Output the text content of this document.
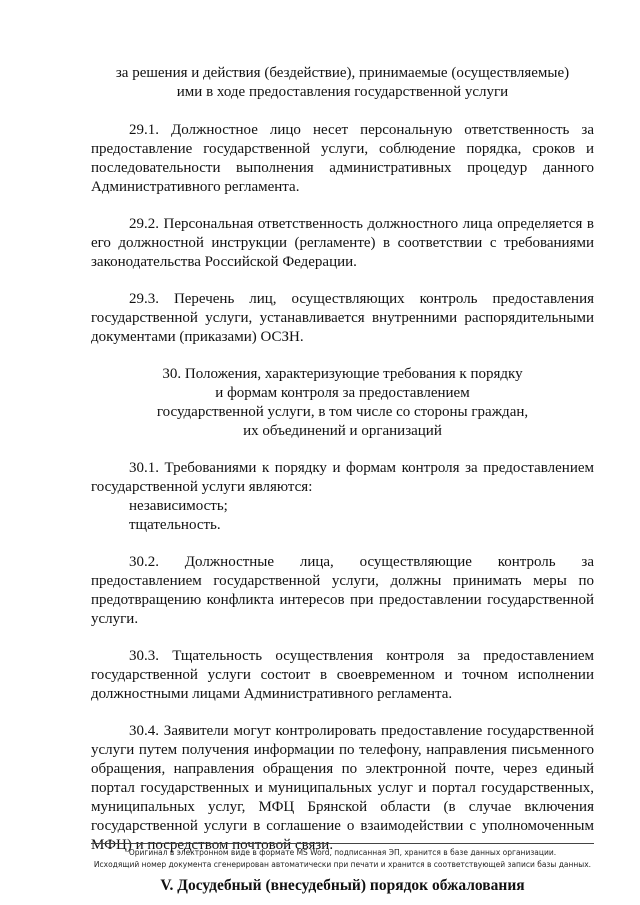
за решения и действия (бездействие), принимаемые (осуществляемые)

ими в ходе предоставления государственной услуги

29.1. Должностное лицо несет персональную ответственность за предоставление государственной услуги, соблюдение порядка, сроков и последовательности выполнения административных процедур данного Административного регламента.

29.2. Персональная ответственность должностного лица определяется в его должностной инструкции (регламенте) в соответствии с требованиями законодательства Российской Федерации.

29.3. Перечень лиц, осуществляющих контроль предоставления государственной услуги, устанавливается внутренними распорядительными документами (приказами) ОСЗН.

30. Положения, характеризующие требования к порядку

и формам контроля за предоставлением

государственной услуги, в том числе со стороны граждан,

их объединений и организаций

30.1. Требованиями к порядку и формам контроля за предоставлением государственной услуги являются:

независимость;

тщательность.

30.2. Должностные лица, осуществляющие контроль за предоставлением государственной услуги, должны принимать меры по предотвращению конфликта интересов при предоставлении государственной услуги.

30.3. Тщательность осуществления контроля за предоставлением государственной услуги состоит в своевременном и точном исполнении должностными лицами Административного регламента.

30.4. Заявители могут контролировать предоставление государственной услуги путем получения информации по телефону, направления письменного обращения, направления обращения по электронной почте, через единый портал государственных и муниципальных услуг и портал государственных, муниципальных услуг, МФЦ Брянской области (в случае включения государственной услуги в соглашение о взаимодействии с уполномоченным МФЦ) и посредством почтовой связи.

V. Досудебный (внесудебный) порядок обжалования

Оригинал в электронном виде в формате MS Word, подписанная ЭП, хранится в базе данных организации.
Исходящий номер документа сгенерирован автоматически при печати и хранится в соответствующей записи базы данных.
